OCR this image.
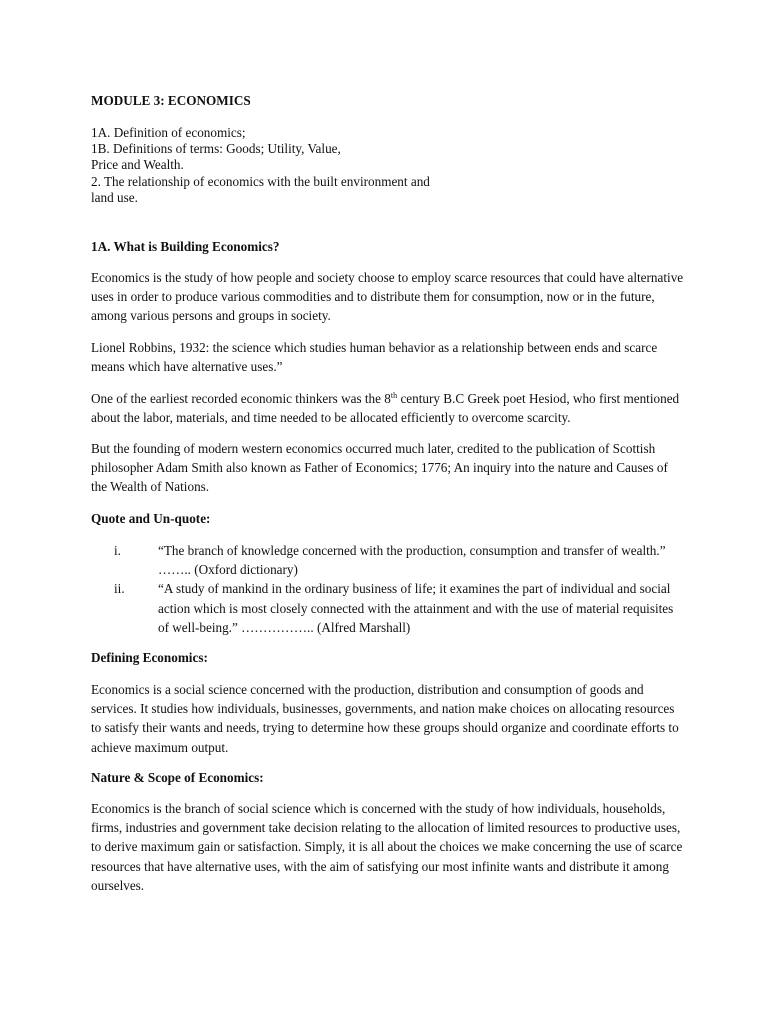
MODULE 3: ECONOMICS
1A. Definition of economics;
1B. Definitions of terms: Goods; Utility, Value,
Price and Wealth.
2. The relationship of economics with the built environment and
land use.
1A. What is Building Economics?
Economics is the study of how people and society choose to employ scarce resources that could have alternative uses in order to produce various commodities and to distribute them for consumption, now or in the future, among various persons and groups in society.
Lionel Robbins, 1932: the science which studies human behavior as a relationship between ends and scarce means which have alternative uses.”
One of the earliest recorded economic thinkers was the 8th century B.C Greek poet Hesiod, who first mentioned about the labor, materials, and time needed to be allocated efficiently to overcome scarcity.
But the founding of modern western economics occurred much later, credited to the publication of Scottish philosopher Adam Smith also known as Father of Economics; 1776; An inquiry into the nature and Causes of the Wealth of Nations.
Quote and Un-quote:
i.	“The branch of knowledge concerned with the production, consumption and transfer of wealth.” …….. (Oxford dictionary)
ii.	“A study of mankind in the ordinary business of life; it examines the part of individual and social action which is most closely connected with the attainment and with the use of material requisites of well-being.” …………….. (Alfred Marshall)
Defining Economics:
Economics is a social science concerned with the production, distribution and consumption of goods and services. It studies how individuals, businesses, governments, and nation make choices on allocating resources to satisfy their wants and needs, trying to determine how these groups should organize and coordinate efforts to achieve maximum output.
Nature & Scope of Economics:
Economics is the branch of social science which is concerned with the study of how individuals, households, firms, industries and government take decision relating to the allocation of limited resources to productive uses, to derive maximum gain or satisfaction. Simply, it is all about the choices we make concerning the use of scarce resources that have alternative uses, with the aim of satisfying our most infinite wants and distribute it among ourselves.
